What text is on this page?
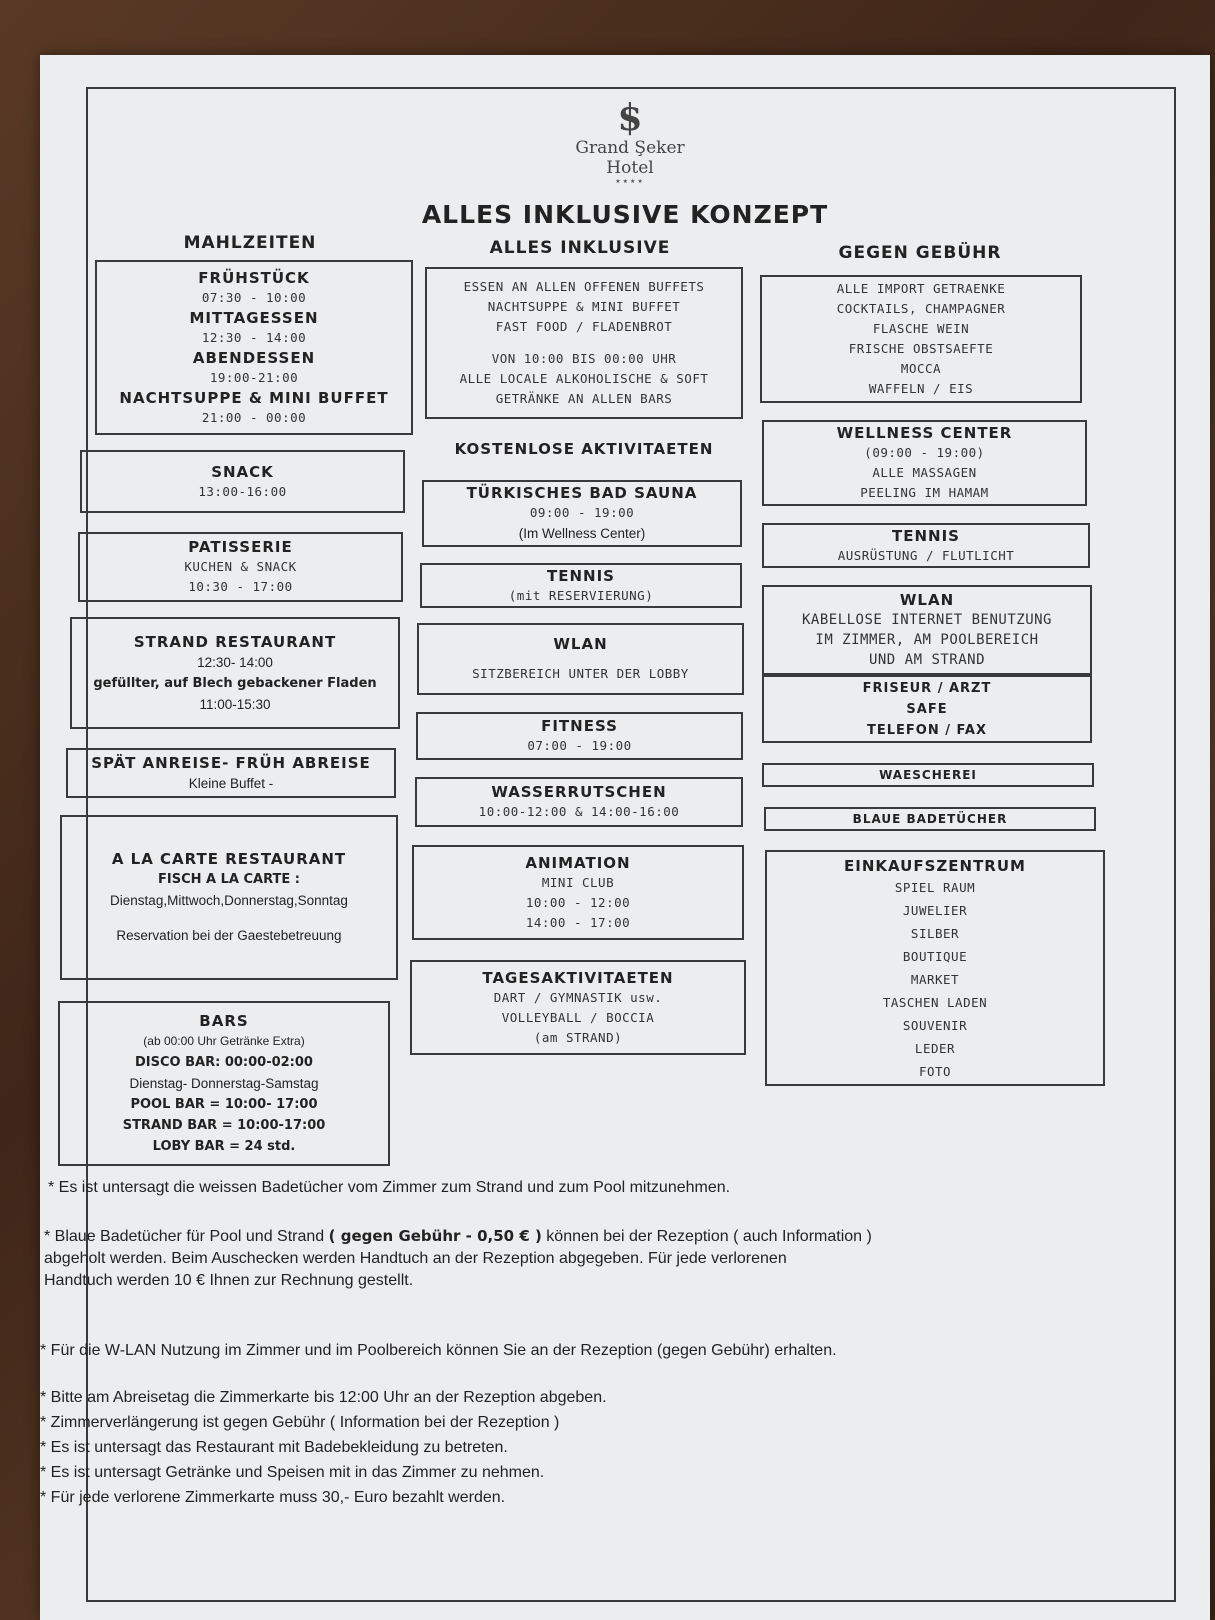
$
Grand Şeker Hotel
★★★★
ALLES INKLUSIVE KONZEPT
MAHLZEITEN	ALLES INKLUSIVE	GEGEN GEBÜHR
FRÜHSTÜCK
07:30 - 10:00
MITTAGESSEN
12:30 - 14:00
ABENDESSEN
19:00-21:00
NACHTSUPPE & MINI BUFFET
21:00 - 00:00
SNACK
13:00-16:00
PATISSERIE
KUCHEN & SNACK
10:30 - 17:00
STRAND RESTAURANT
12:30- 14:00
gefüllter, auf Blech gebackener Fladen
11:00-15:30
SPÄT ANREISE- FRÜH ABREISE
Kleine Buffet -
A LA CARTE RESTAURANT
FISCH A LA CARTE :
Dienstag,Mittwoch,Donnerstag,Sonntag
Reservation bei der Gaestebetreuung
BARS
(ab 00:00 Uhr Getränke Extra)
DISCO BAR: 00:00-02:00
Dienstag- Donnerstag-Samstag
POOL BAR = 10:00- 17:00
STRAND BAR = 10:00-17:00
LOBY BAR = 24 std.
ESSEN AN ALLEN OFFENEN BUFFETS
NACHTSUPPE & MINI BUFFET
FAST FOOD / FLADENBROT
VON 10:00 BIS 00:00 UHR
ALLE LOCALE ALKOHOLISCHE & SOFT
GETRÄNKE AN ALLEN BARS
KOSTENLOSE AKTIVITAETEN
TÜRKISCHES BAD SAUNA
09:00 - 19:00
(Im Wellness Center)
TENNIS
(mit RESERVIERUNG)
WLAN
SITZBEREICH UNTER DER LOBBY
FITNESS
07:00 - 19:00
WASSERRUTSCHEN
10:00-12:00 & 14:00-16:00
ANIMATION
MINI CLUB
10:00 - 12:00
14:00 - 17:00
TAGESAKTIVITAETEN
DART / GYMNASTIK usw.
VOLLEYBALL / BOCCIA
(am STRAND)
ALLE IMPORT GETRAENKE
COCKTAILS, CHAMPAGNER
FLASCHE WEIN
FRISCHE OBSTSAEFTE
MOCCA
WAFFELN / EIS
WELLNESS CENTER
(09:00 - 19:00)
ALLE MASSAGEN
PEELING IM HAMAM
TENNIS
AUSRÜSTUNG / FLUTLICHT
WLAN
KABELLOSE INTERNET BENUTZUNG
IM ZIMMER, AM POOLBEREICH
UND AM STRAND
FRISEUR / ARZT
SAFE
TELEFON / FAX
WAESCHEREI
BLAUE BADETÜCHER
EINKAUFSZENTRUM
SPIEL RAUM
JUWELIER
SILBER
BOUTIQUE
MARKET
TASCHEN LADEN
SOUVENIR
LEDER
FOTO
* Es ist untersagt die weissen Badetücher vom Zimmer zum Strand und zum Pool mitzunehmen.
* Blaue Badetücher für Pool und Strand ( gegen Gebühr - 0,50 € ) können bei der Rezeption ( auch Information )
abgeholt werden. Beim Auschecken werden Handtuch an der Rezeption abgegeben. Für jede verlorenen
Handtuch werden 10 € Ihnen zur Rechnung gestellt.
* Für die W-LAN Nutzung im Zimmer und im Poolbereich können Sie an der Rezeption (gegen Gebühr) erhalten.
* Bitte am Abreisetag die Zimmerkarte bis 12:00 Uhr an der Rezeption abgeben.
* Zimmerverlängerung ist gegen Gebühr ( Information bei der Rezeption )
* Es ist untersagt das Restaurant mit Badebekleidung zu betreten.
* Es ist untersagt Getränke und Speisen mit in das Zimmer zu nehmen.
* Für jede verlorene Zimmerkarte muss 30,- Euro bezahlt werden.
